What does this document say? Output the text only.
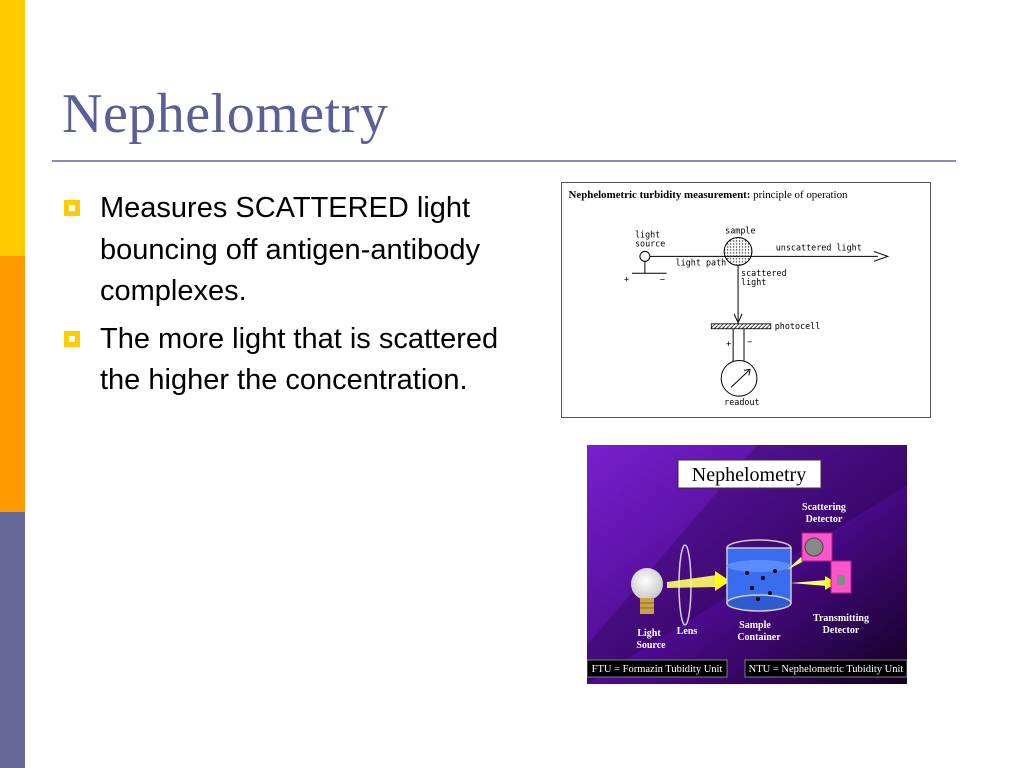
Nephelometry
Measures SCATTERED light bouncing off antigen-antibody complexes.
The more light that is scattered the higher the concentration.
Nephelometric turbidity measurement: principle of operation
light
source
+	−
light path
unscattered light
sample
scattered
light
photocell
+ −
readout
Nephelometry
Scattering
Detector
Transmitting
Detector
Sample
Container
Lens
Light
Source
FTU = Formazin Tubidity Unit	NTU = Nephelometric Tubidity Unit
